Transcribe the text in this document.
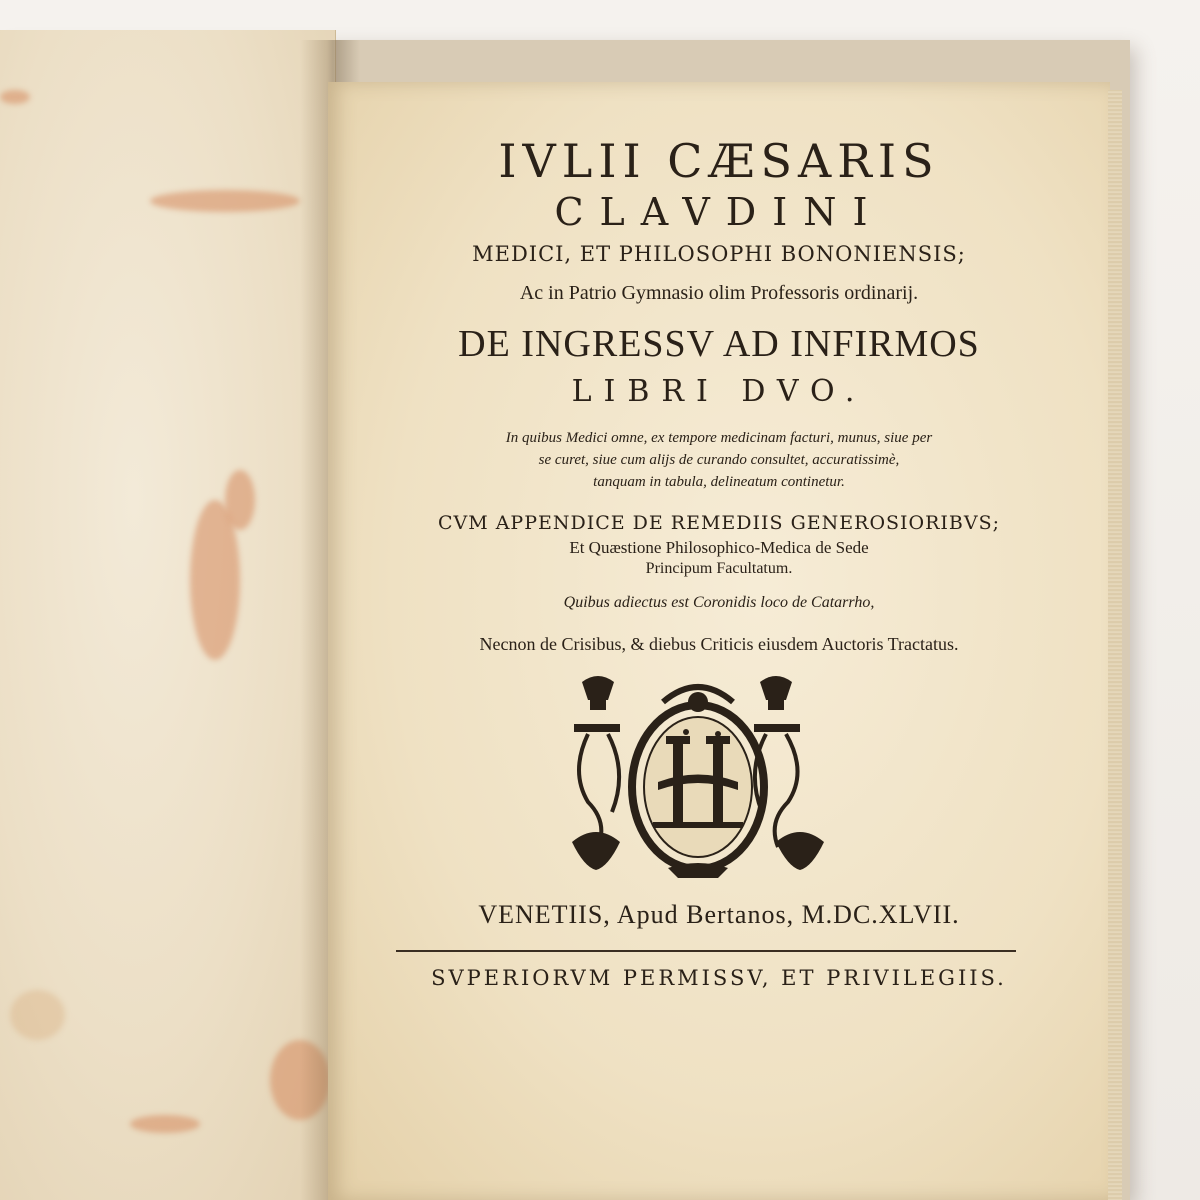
IVLII CÆSARIS
CLAVDINI
MEDICI, ET PHILOSOPHI BONONIENSIS;
Ac in Patrio Gymnasio olim Professoris ordinarij.
DE INGRESSV AD INFIRMOS
LIBRI DVO.
In quibus Medici omne, ex tempore medicinam facturi, munus, siue per
se curet, siue cum alijs de curando consultet, accuratissimè,
tanquam in tabula, delineatum continetur.
CVM APPENDICE DE REMEDIIS GENEROSIORIBVS;
Et Quæstione Philosophico-Medica de Sede
Principum Facultatum.
Quibus adiectus est Coronidis loco de Catarrho,
Necnon de Crisibus, & diebus Criticis eiusdem Auctoris Tractatus.
VENETIIS, Apud Bertanos, M.DC.XLVII.
SVPERIORVM PERMISSV, ET PRIVILEGIIS.
